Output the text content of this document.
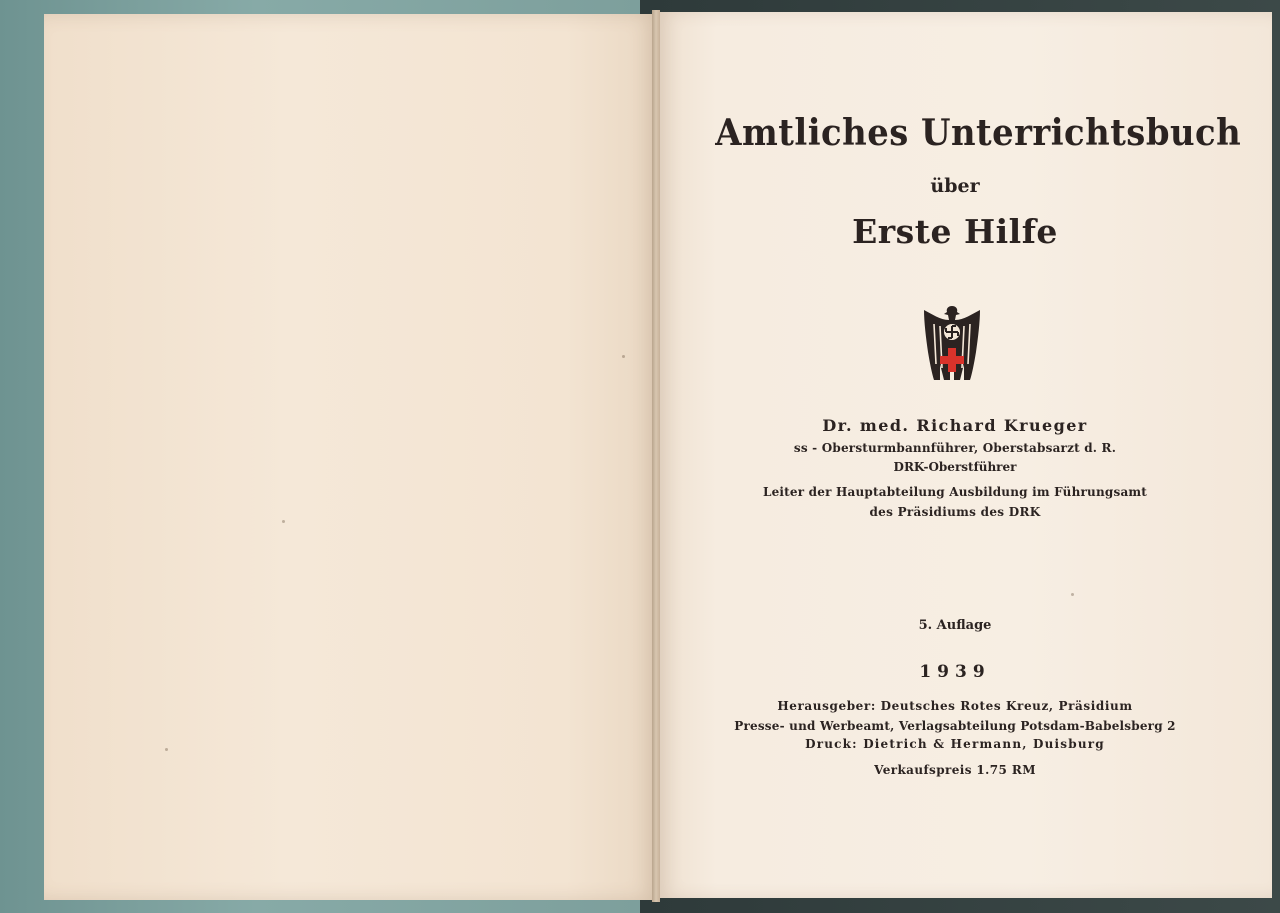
Amtliches Unterrichtsbuch
über
Erste Hilfe
Dr. med. Richard Krueger
ss - Obersturmbannführer, Oberstabsarzt d. R.
DRK-Oberstführer
Leiter der Hauptabteilung Ausbildung im Führungsamt
des Präsidiums des DRK
5. Auflage
1939
Herausgeber: Deutsches Rotes Kreuz, Präsidium
Presse- und Werbeamt, Verlagsabteilung Potsdam-Babelsberg 2
Druck: Dietrich & Hermann, Duisburg
Verkaufspreis 1.75 RM
